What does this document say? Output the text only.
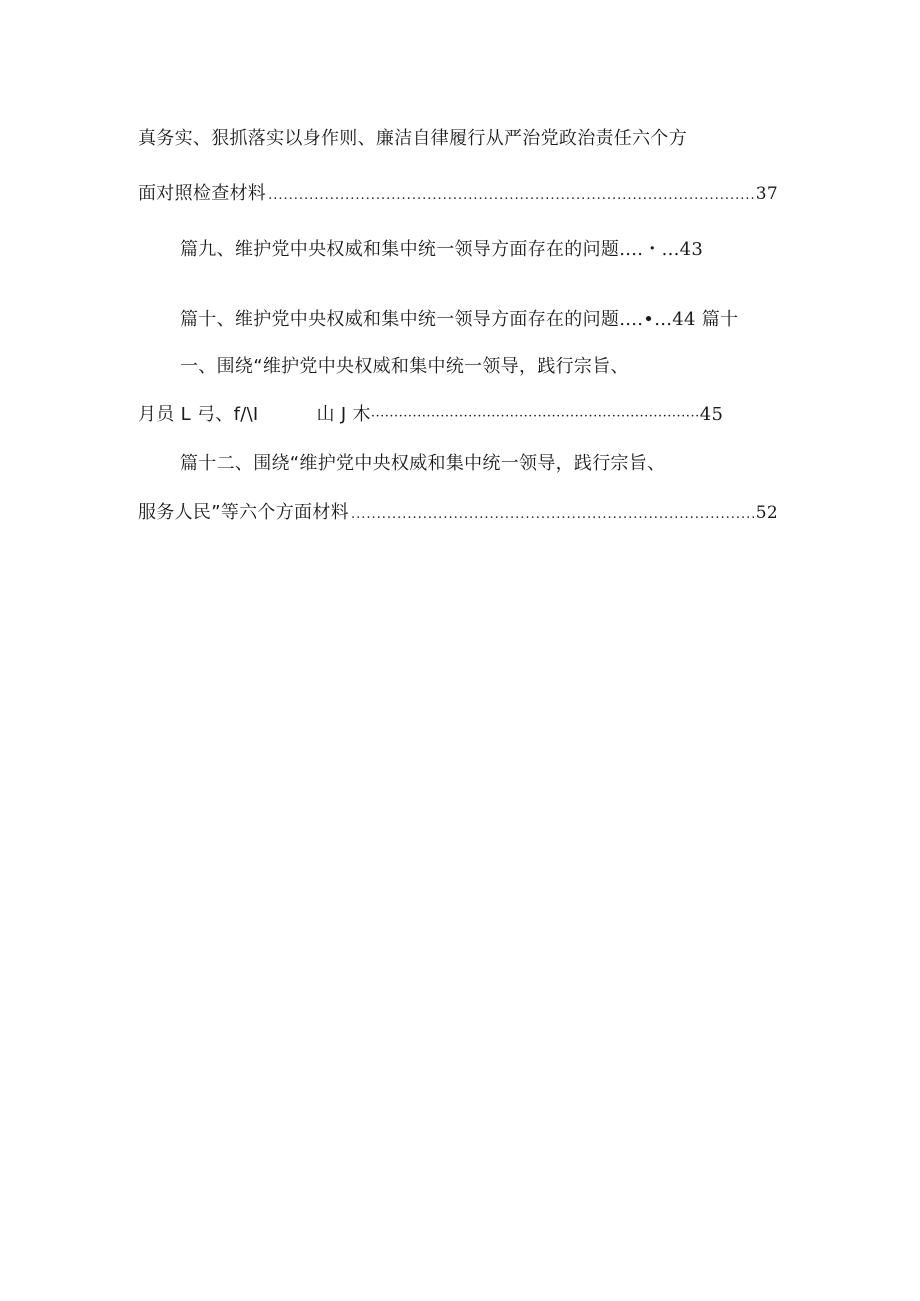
真务实、狠抓落实以身作则、廉洁自律履行从严治党政治责任六个方
面对照检查材料 .....	37
篇九、维护党中央权威和集中统一领导方面存在的问题....・...43
篇十、维护党中央权威和集中统一领导方面存在的问题....•...44 篇十
一、围绕“维护党中央权威和集中统一领导，践行宗旨、
月员 L 弓、f/\I	山 J 木·······································································45
篇十二、围绕“维护党中央权威和集中统一领导，践行宗旨、
服务人民”等六个方面材料 .....	52
